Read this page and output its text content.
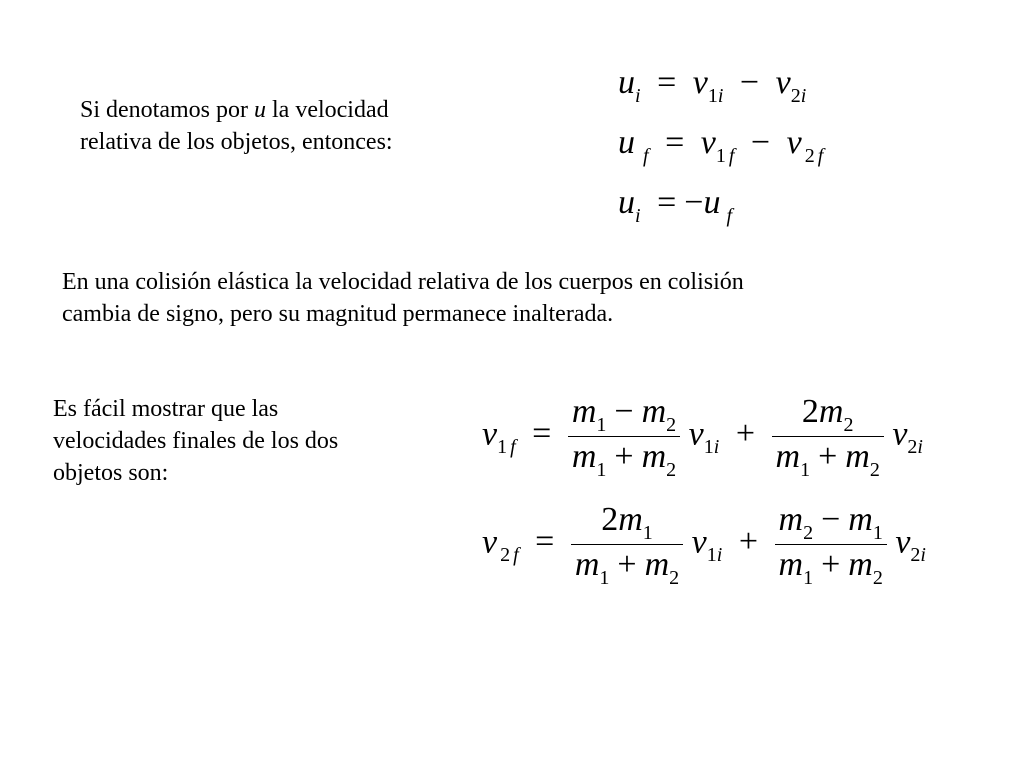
Si denotamos por u la velocidad
relativa de los objetos, entonces:
$u_i = v_{1i} - v_{2i}$
u $_f = v_1$ $_f$ − v $_2$ $_f$
$u_i = -u$ $_f$
En una colisión elástica la velocidad relativa de los cuerpos en colisión
cambia de signo, pero su magnitud permanece inalterada.
Es fácil mostrar que las
velocidades finales de los dos
objetos son:
$v_1$ $_f = \frac{m_1 - m_2}{m_1 + m_2} v_{1i} + \frac{2m_2}{m_1 + m_2} v_{2i}$
v $_2$ $_f = \frac{2m_1}{m_1 + m_2} v_{1i} + \frac{m_2 - m_1}{m_1 + m_2} v_{2i}$
